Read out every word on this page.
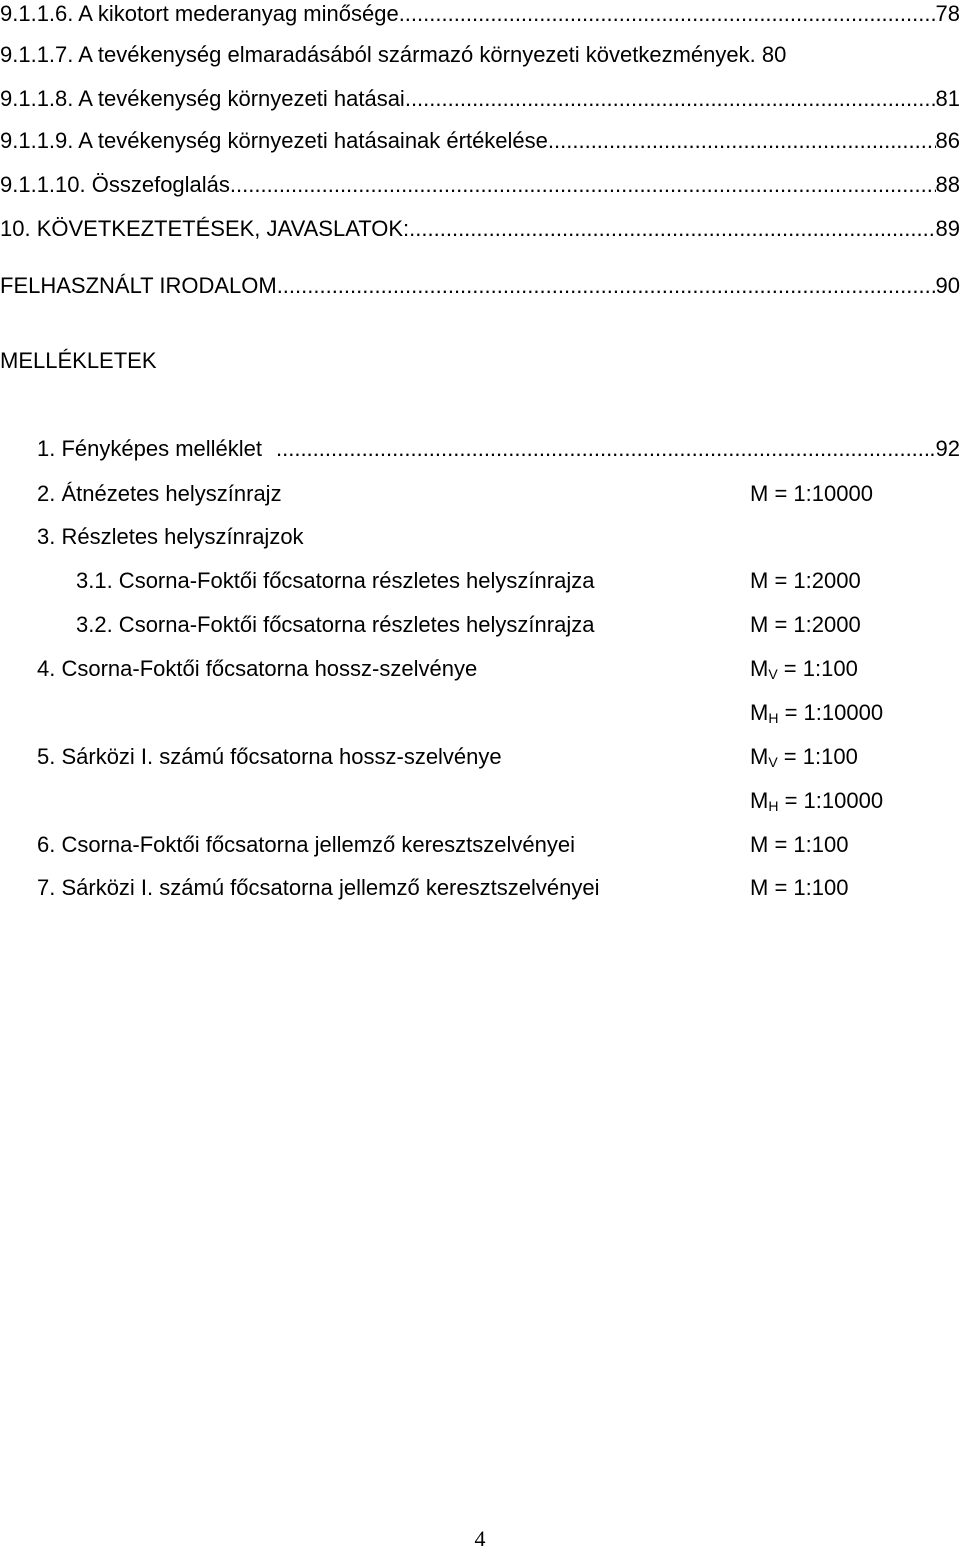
9.1.1.6. A kikotort mederanyag minősége .....	78
9.1.1.7. A tevékenység elmaradásából származó környezeti következmények. 80
9.1.1.8. A tevékenység környezeti hatásai .....	81
9.1.1.9. A tevékenység környezeti hatásainak értékelése .....	86
9.1.1.10. Összefoglalás .....	88
10. KÖVETKEZTETÉSEK, JAVASLATOK: .....	89
FELHASZNÁLT IRODALOM .....	90
MELLÉKLETEK
1. Fényképes melléklet .....	.92
2. Átnézetes helyszínrajz	M = 1:10000
3. Részletes helyszínrajzok
3.1. Csorna-Foktői főcsatorna részletes helyszínrajza	M = 1:2000
3.2. Csorna-Foktői főcsatorna részletes helyszínrajza	M = 1:2000
4. Csorna-Foktői főcsatorna hossz-szelvénye	$M_V$ = 1:100
$M_H$ = 1:10000
5. Sárközi I. számú főcsatorna hossz-szelvénye	$M_V$ = 1:100
$M_H$ = 1:10000
6. Csorna-Foktői főcsatorna jellemző keresztszelvényei	M = 1:100
7. Sárközi I. számú főcsatorna jellemző keresztszelvényei	M = 1:100
4
